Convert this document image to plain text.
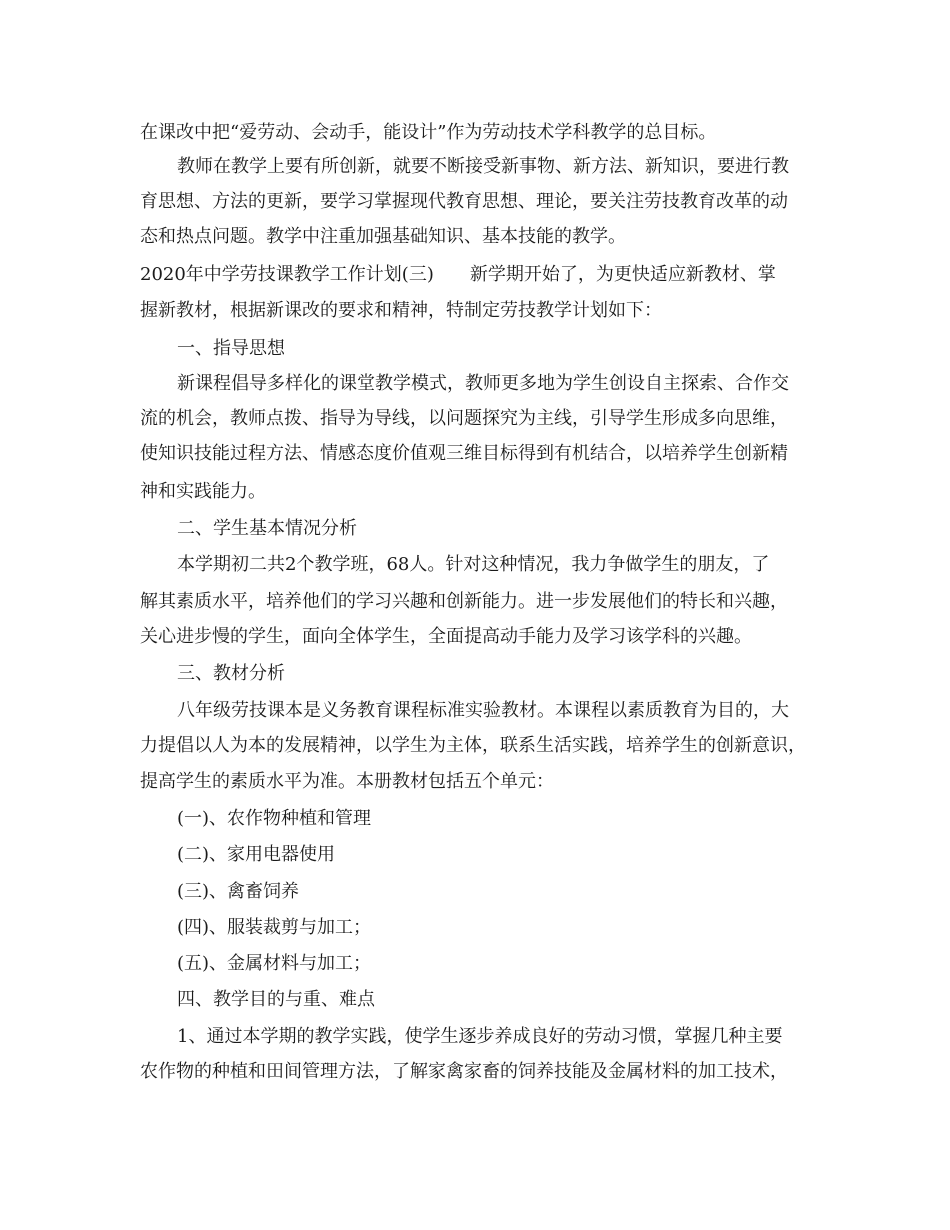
在课改中把“爱劳动、会动手，能设计”作为劳动技术学科教学的总目标。
教师在教学上要有所创新，就要不断接受新事物、新方法、新知识，要进行教
育思想、方法的更新，要学习掌握现代教育思想、理论，要关注劳技教育改革的动
态和热点问题。教学中注重加强基础知识、基本技能的教学。
2020年中学劳技课教学工作计划(三)　　新学期开始了，为更快适应新教材、掌
握新教材，根据新课改的要求和精神，特制定劳技教学计划如下：
一、指导思想
新课程倡导多样化的课堂教学模式，教师更多地为学生创设自主探索、合作交
流的机会，教师点拨、指导为导线，以问题探究为主线，引导学生形成多向思维，
使知识技能过程方法、情感态度价值观三维目标得到有机结合，以培养学生创新精
神和实践能力。
二、学生基本情况分析
本学期初二共2个教学班，68人。针对这种情况，我力争做学生的朋友，了
解其素质水平，培养他们的学习兴趣和创新能力。进一步发展他们的特长和兴趣，
关心进步慢的学生，面向全体学生，全面提高动手能力及学习该学科的兴趣。
三、教材分析
八年级劳技课本是义务教育课程标准实验教材。本课程以素质教育为目的，大
力提倡以人为本的发展精神，以学生为主体，联系生活实践，培养学生的创新意识，
提高学生的素质水平为准。本册教材包括五个单元：
(一)、农作物种植和管理
(二)、家用电器使用
(三)、禽畜饲养
(四)、服装裁剪与加工；
(五)、金属材料与加工；
四、教学目的与重、难点
1、通过本学期的教学实践，使学生逐步养成良好的劳动习惯，掌握几种主要
农作物的种植和田间管理方法，了解家禽家畜的饲养技能及金属材料的加工技术，
